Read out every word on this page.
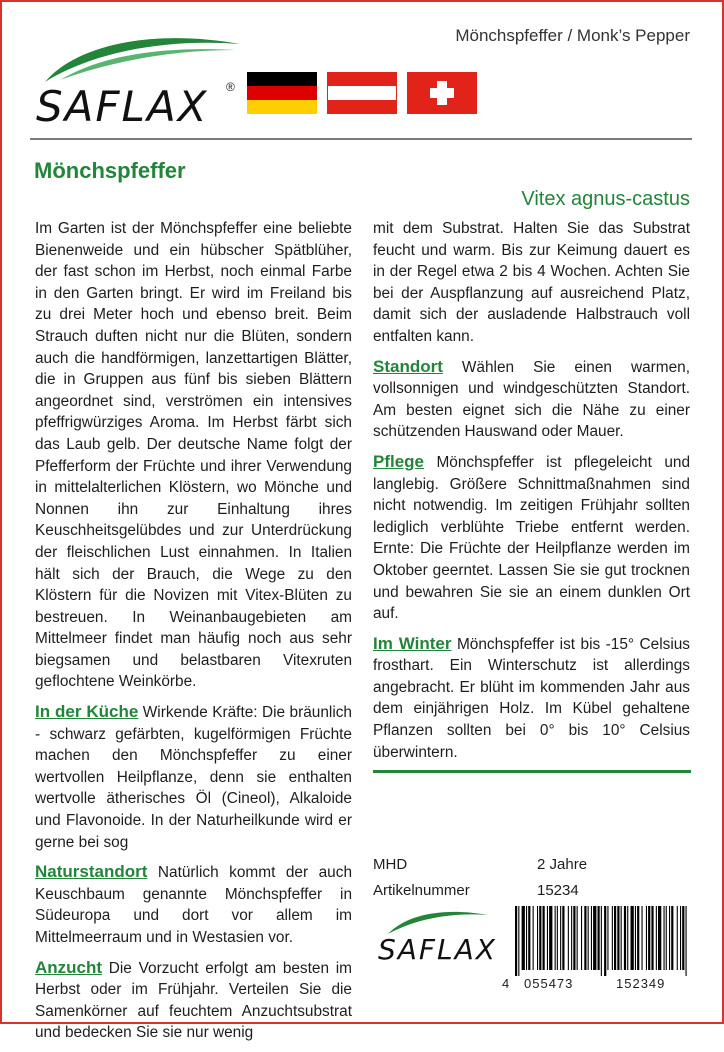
SAFLAX ®
Mönchspfeffer / Monk’s Pepper
Mönchspfeffer
Vitex agnus-castus

Im Garten ist der Mönchspfeffer eine beliebte Bienenweide und ein hübscher Spätblüher, der fast schon im Herbst, noch einmal Farbe in den Garten bringt. Er wird im Freiland bis zu drei Meter hoch und ebenso breit. Beim Strauch duften nicht nur die Blüten, sondern auch die handförmigen, lanzettartigen Blätter, die in Gruppen aus fünf bis sieben Blättern angeordnet sind, verströmen ein intensives pfeffrigwürziges Aroma. Im Herbst färbt sich das Laub gelb. Der deutsche Name folgt der Pfefferform der Früchte und ihrer Verwendung in mittelalterlichen Klöstern, wo Mönche und Nonnen ihn zur Einhaltung ihres Keuschheitsgelübdes und zur Unterdrückung der fleischlichen Lust einnahmen. In Italien hält sich der Brauch, die Wege zu den Klöstern für die Novizen mit Vitex-Blüten zu bestreuen. In Weinanbaugebieten am Mittelmeer findet man häufig noch aus sehr biegsamen und belastbaren Vitexruten geflochtene Weinkörbe.

In der Küche Wirkende Kräfte: Die bräunlich - schwarz gefärbten, kugelförmigen Früchte machen den Mönchspfeffer zu einer wertvollen Heilpflanze, denn sie enthalten wertvolle ätherisches Öl (Cineol), Alkaloide und Flavonoide. In der Naturheilkunde wird er gerne bei sog

Naturstandort Natürlich kommt der auch Keuschbaum genannte Mönchspfeffer in Südeuropa und dort vor allem im Mittelmeerraum und in Westasien vor.

Anzucht Die Vorzucht erfolgt am besten im Herbst oder im Frühjahr. Verteilen Sie die Samenkörner auf feuchtem Anzuchtsubstrat und bedecken Sie sie nur wenig

mit dem Substrat. Halten Sie das Substrat feucht und warm. Bis zur Keimung dauert es in der Regel etwa 2 bis 4 Wochen. Achten Sie bei der Auspflanzung auf ausreichend Platz, damit sich der ausladende Halbstrauch voll entfalten kann.

Standort Wählen Sie einen warmen, vollsonnigen und windgeschützten Standort. Am besten eignet sich die Nähe zu einer schützenden Hauswand oder Mauer.

Pflege Mönchspfeffer ist pflegeleicht und langlebig. Größere Schnittmaßnahmen sind nicht notwendig. Im zeitigen Frühjahr sollten lediglich verblühte Triebe entfernt werden. Ernte: Die Früchte der Heilpflanze werden im Oktober geerntet. Lassen Sie sie gut trocknen und bewahren Sie sie an einem dunklen Ort auf.

Im Winter Mönchspfeffer ist bis -15° Celsius frosthart. Ein Winterschutz ist allerdings angebracht. Er blüht im kommenden Jahr aus dem einjährigen Holz. Im Kübel gehaltene Pflanzen sollten bei 0° bis 10° Celsius überwintern.

MHD	2 Jahre
Artikelnummer	15234
SAFLAX
4 055473	152349
